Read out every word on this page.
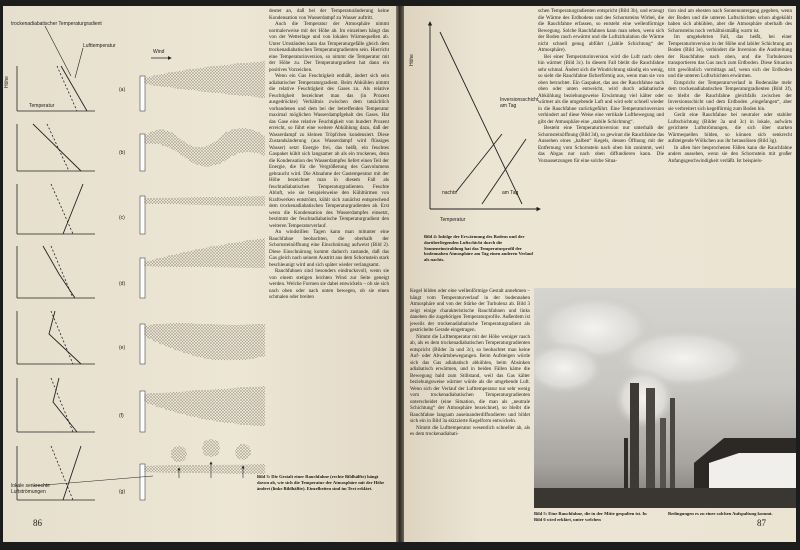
trockenadiabatischer Temperaturgradient
Lufttemperatur
Höhe
Temperatur
Wind
lokale senkrechte Luftströmungen
(a)
(b)
(c)
(d)
(e)
(f)
(g)

deutet an, daß bei der Temperaturänderung keine Kondensation von Wasserdampf zu Wasser auftritt.

Auch die Temperatur der Atmosphäre nimmt normalerweise mit der Höhe ab. Im einzelnen hängt das von der Wetterlage und von lokalen Wärmequellen ab. Unter Umständen kann das Temperaturgefälle gleich dem trockenadiabatischen Temperaturgradienten sein. Hierricht eine Temperaturinversion, so nimmt die Temperatur mit der Höhe zu. Der Temperaturgradient hat dann ein positives Vorzeichen.

Wenn ein Gas Feuchtigkeit enthält, ändert sich sein adiabatischer Temperaturgradient. Beim Abkühlen nimmt die relative Feuchtigkeit des Gases zu. Als relative Feuchtigkeit bezeichnet man das (in Prozent ausgedrückte) Verhältnis zwischen dem tatsächlich vorhandenen und dem bei der betreffenden Temperatur maximal möglichen Wasserdampfgehalt des Gases. Hat das Gase eine relative Feuchtigkeit von hundert Prozent erreicht, so führt eine weitere Abkühlung dazu, daß der Wasserdampf zu kleinen Tröpfchen kondensiert. Diese Zustandsänderung (aus Wasserdampf wird flüssiges Wasser) setzt Energie frei, das heißt, ein feuchtes Gaspaket kühlt sich langsamer ab als ein trockenes, denn die Kondensation des Wasserdampfes liefert einen Teil der Energie, die für die Vergrößerung des Gasvolumens gebraucht wird. Die Abnahme der Gastemperatur mit der Höhe bezeichnet man in diesem Fall als feuchtadiabatischen Temperaturgradienten. Feuchte Abluft, wie sie beispielsweise den Kühltürmen von Kraftwerken entströmt, kühlt sich zunächst entsprechend dem trockenadiabatischen Temperaturgradienten ab. Erst wenn die Kondensation des Wasserdampfes einsetzt, bestimmt der feuchtadiabatische Temperaturgradient den weiteren Temperaturverlauf.

An windstillen Tagen kann man mitunter eine Rauchfahne beobachten, die oberhalb der Schornsteinöffnung eine Einschnürung aufweist (Bild 2). Diese Einschnürung kommt dadurch zustande, daß das Gas gleich nach seinem Austritt aus dem Schornstein stark beschleunigt wird und sich später wieder verlangsamt.

Rauchfahnen sind besonders eindrucksvoll, wenn sie von einem stetigen leichten Wind zur Seite geneigt werden. Welche Formen sie dabei entwickeln – ob sie sich nach oben oder nach unten bewegen, ob sie einen schmalen oder breiten

Bild 3: Die Gestalt einer Rauchfahne (rechte Bildhälfte) hängt davon ab, wie sich die Temperatur der Atmosphäre mit der Höhe ändert (linke Bildhälfte). Einzelheiten sind im Text erklärt.
86
Höhe
Inversionsschicht am Tag
nachts	am Tag
Temperatur
Bild 4: Infolge der Erwärmung des Bodens und der darüberliegenden Luftschicht durch die Sonneneinstrahlung hat das Temperaturprofil der bodennahen Atmosphäre am Tag einen anderen Verlauf als nachts.

schen Temperaturgradienten entspricht (Bild 3b), und erzeugt die Wärme des Erdbodens und des Schornsteins Wirbel, die die Rauchfahne erfassen, so entsteht eine wellenförmige Bewegung. Solche Rauchfahnen kann man sehen, wenn sich der Boden rasch erwärmt und die Luftzirkulation die Wärme nicht schnell genug abführt („labile Schichtung“ der Atmosphäre).

Bei einer Temperaturinversion wird die Luft nach oben hin wärmer (Bild 3c). In diesem Fall bleibt die Rauchfahne sehr schmal. Ändert sich die Windrichtung ständig ein wenig, so sieht die Rauchfahne fächerförmig aus, wenn man sie von oben betrachtet. Ein Gaspaket, das aus der Rauchfahne nach oben oder unten entweicht, wird durch adiabatische Abkühlung beziehungsweise Erwärmung viel kälter oder wärmer als die umgebende Luft und wird sehr schnell wieder in die Rauchfahne zurückgeführt. Eine Temperaturinversion verhindert auf diese Weise eine vertikale Luftbewegung und gibt der Atmosphäre eine „stabile Schichtung“.

Besteht eine Temperaturinversion nur unterhalb der Schornsteinöffnung (Bild 3d), so gewinnt die Rauchfahne das Aussehen eines „halben“ Kegels, dessen Öffnung mit der Entfernung vom Schornstein nach oben hin zunimmt, weil das Abgas nur nach oben diffundieren kann. Die Voraussetzungen für eine solche Situa-

tion sind am ehesten nach Sonnenuntergang gegeben, wenn der Boden und die unteren Luftschichten schon abgekühlt haben sich abkühlen, aber die Atmosphäre oberhalb des Schornsteins noch verhältnismäßig warm ist.

Im umgekehrten Fall, das heißt, bei einer Temperaturinversion in der Höhe und labiler Schichtung am Boden (Bild 3e), verhindert die Inversion die Ausbreitung der Rauchfahne nach oben, und die Turbulenzen transportieren das Gas rasch zum Erdboden. Diese Situation tritt gewöhnlich vormittags auf, wenn sich der Erdboden und die unteren Luftschichten erwärmen.

Entspricht der Temperaturverlauf in Bodennähe mehr dem trockenadiabatischen Temperaturgradienten (Bild 3f), so bleibt die Rauchfahne gleichfalls zwischen der Inversionsschicht und dem Erdboden „eingefangen“, aber sie verbreitert sich kegelförmig zum Boden hin.

Gerät eine Rauchfahne bei neutraler oder stabiler Luftschichtung (Bilder 3a und 3c) in lokale, aufwärts gerichtete Luftströmungen, die sich über starken Wärmequellen bilden, so können sich senkrecht aufsteigende Wölkchen aus ihr herauslösen (Bild 3g).

In allen hier besprochenen Fällen kann die Rauchfahne anders aussehen, wenn sie den Schornstein mit großer Anfangsgeschwindigkeit verläßt. Ist beispiels-

Kegel bilden oder eine wellenförmige Gestalt annehmen – hängt vom Temperaturverlauf in der bodennahen Atmosphäre und von der Stärke der Turbulenz ab. Bild 3 zeigt einige charakteristische Rauchfahnen und links daneben die zugehörigen Temperaturprofile. Außerdem ist jeweils der trockenadiabatische Temperaturgradient als gestrichelte Gerade eingetragen.

Nimmt die Lufttemperatur mit der Höhe weniger rasch ab, als es dem trockenadiabatischen Temperaturgradienten entspricht (Bilder 3a und 3c), so beobachtet man keine Auf- oder Abwärtsbewegungen. Beim Aufsteigen würde sich das Gas adiabatisch abkühlen, beim Absinken adiabatisch erwärmen, und in beiden Fällen käme die Bewegung bald zum Stillstand, weil das Gas kälter beziehungsweise wärmer würde als die umgebende Luft. Wenn sich der Verlauf der Lufttemperatur nur sehr wenig vom trockenadiabatischen Temperaturgradienten unterscheidet (eine Situation, die man als „neutrale Schichtung“ der Atmosphäre bezeichnet), so bleibt die Rauchfahne langsam auseinanderdiffundieren und bildet sich ein in Bild 3a skizzierte Kegelform entwickeln.

Nimmt die Lufttemperatur wesentlich schneller ab, als es dem trockenadiabati-

Bild 5: Eine Rauchfahne, die in der Mitte gespalten ist. In Bild 6 wird erklärt, unter welchen
Bedingungen es zu einer solchen Aufspaltung kommt.
87
